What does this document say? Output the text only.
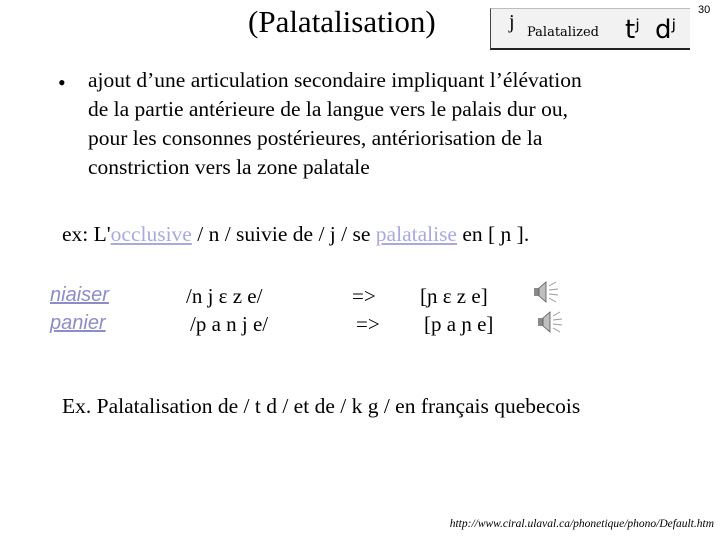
(Palatalisation)	j Palatalized tʲ dʲ
30
• ajout d’une articulation secondaire impliquant l’élévation
de la partie antérieure de la langue vers le palais dur ou,
pour les consonnes postérieures, antériorisation de la
constriction vers la zone palatale
ex: L'occlusive / n / suivie de / j / se palatalise en [ ɲ ].
niaiser	/n j ɛ z e/	=> [ɲ ɛ z e]
panier	/p a n j e/	=> [p a ɲ e]
Ex. Palatalisation de / t d / et de / k g / en français quebecois
http://www.ciral.ulaval.ca/phonetique/phono/Default.htm
